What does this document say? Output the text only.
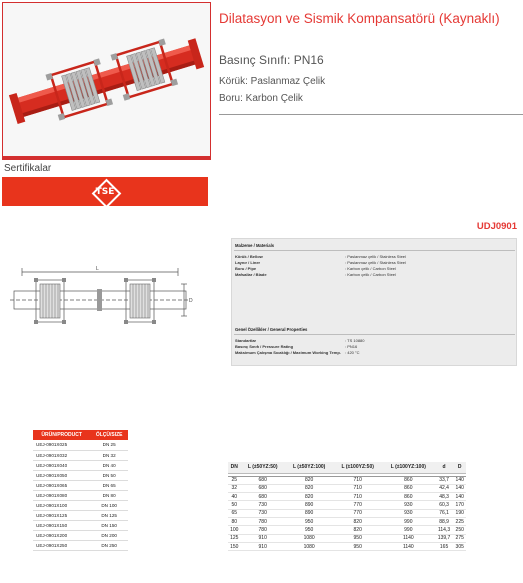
Sertifikalar
TSE
Dilatasyon ve Sismik Kompansatörü (Kaynaklı)
Basınç Sınıfı: PN16
Körük: Paslanmaz Çelik
Boru: Karbon Çelik
UDJ0901
L
D
Malzeme / Materials
Körük / Bellow	: Paslanmaz çelik / Stainless Steel
Laynır / Liner	: Paslanmaz çelik / Stainless Steel
Boru / Pipe	: Karbon çelik / Carbon Steel
Mafsallar / Blade	: Karbon çelik / Carbon Steel
Genel Özellikler / General Properties
Standartlar	: TS 10880
Basınç Sınıfı / Pressure Rating	: PN16
Maksimum Çalışma Sıcaklığı / Maximum Working Temp.	: 420 °C
ÜRÜN/PRODUCT	ÖLÇÜ/SIZE
UEJ-0901X025	DN 25
UEJ-0901X032	DN 32
UEJ-0901X040	DN 40
UEJ-0901X050	DN 50
UEJ-0901X065	DN 65
UEJ-0901X080	DN 80
UEJ-0901X100	DN 100
UEJ-0901X125	DN 125
UEJ-0901X150	DN 150
UEJ-0901X200	DN 200
UEJ-0901X250	DN 250
DN	L (±50YZ:50)	L (±50YZ:100)	L (±100YZ:50)	L (±100YZ:100)	d	D

25	680	820	710	860	33,7	140
32	680	820	710	860	42,4	140
40	680	820	710	860	48,3	140
50	730	890	770	930	60,3	170
65	730	890	770	930	76,1	190
80	780	950	820	990	88,9	225
100	780	950	820	990	114,3	250
125	910	1080	950	1140	139,7	275
150	910	1080	950	1140	165	305
